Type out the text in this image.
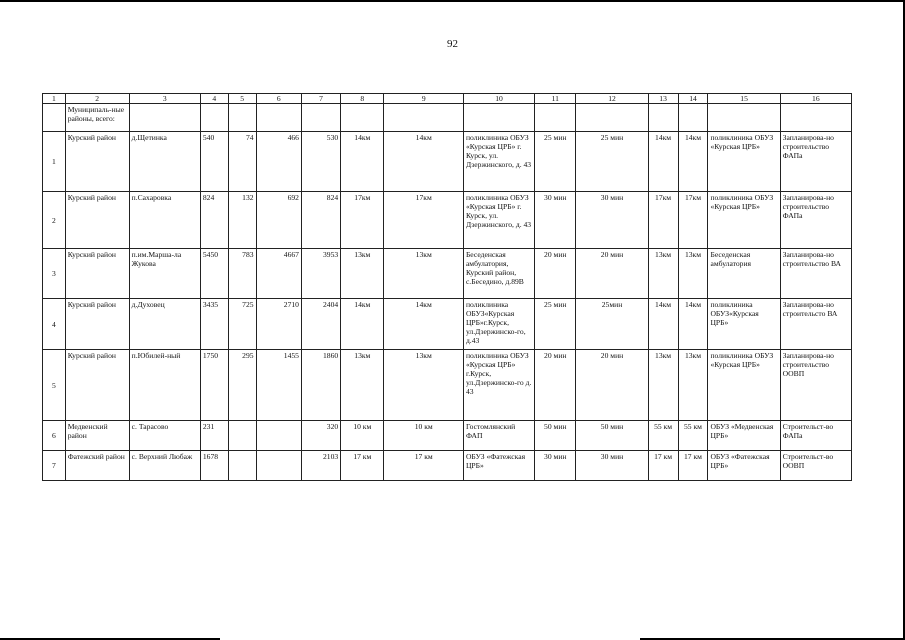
92
1	2	3	4	5	6	7	8	9	10	11	12	13	14	15	16
	Муниципаль-ные районы, всего:														
1	Курский район	д.Щетинка	540	74	466	530	14км	14км	поликлиника ОБУЗ «Курская ЦРБ» г. Курск, ул. Дзержинского, д. 43	25 мин	25 мин	14км	14км	поликлиника ОБУЗ «Курская ЦРБ»	Запланирова-но строительство ФАПа
2	Курский район	п.Сахаровка	824	132	692	824	17км	17км	поликлиника ОБУЗ «Курская ЦРБ» г. Курск, ул. Дзержинского, д. 43	30 мин	30 мин	17км	17км	поликлиника ОБУЗ «Курская ЦРБ»	Запланирова-но строительство ФАПа
3	Курский район	п.им.Марша-ла Жукова	5450	783	4667	3953	13км	13км	Беседенская амбулатория, Курский район, с.Беседино, д.89В	20 мин	20 мин	13км	13км	Беседенская амбулатория	Запланирова-но строительство ВА
4	Курский район	д.Духовец	3435	725	2710	2404	14км	14км	поликлиника ОБУЗ«Курская ЦРБ»г.Курск, ул.Дзержинско-го, д.43	25 мин	25мин	14км	14км	поликлиника ОБУЗ«Курская ЦРБ»	Запланирова-но строительсто ВА
5	Курский район	п.Юбилей-ный	1750	295	1455	1860	13км	13км	поликлиника ОБУЗ «Курская ЦРБ» г.Курск, ул.Дзержинско-го д. 43	20 мин	20 мин	13км	13км	поликлиника ОБУЗ «Курская ЦРБ»	Запланирова-но строительство ООВП
6	Медвенский район	с. Тарасово	231			320	10 км	10 км	Гостомлянский ФАП	50 мин	50 мин	55 км	55 км	ОБУЗ «Медвенская ЦРБ»	Строительст-во ФАПа
7	Фатежский район	с. Верхний Любаж	1678			2103	17 км	17 км	ОБУЗ «Фатежская ЦРБ»	30 мин	30 мин	17 км	17 км	ОБУЗ «Фатежская ЦРБ»	Строительст-во ООВП
